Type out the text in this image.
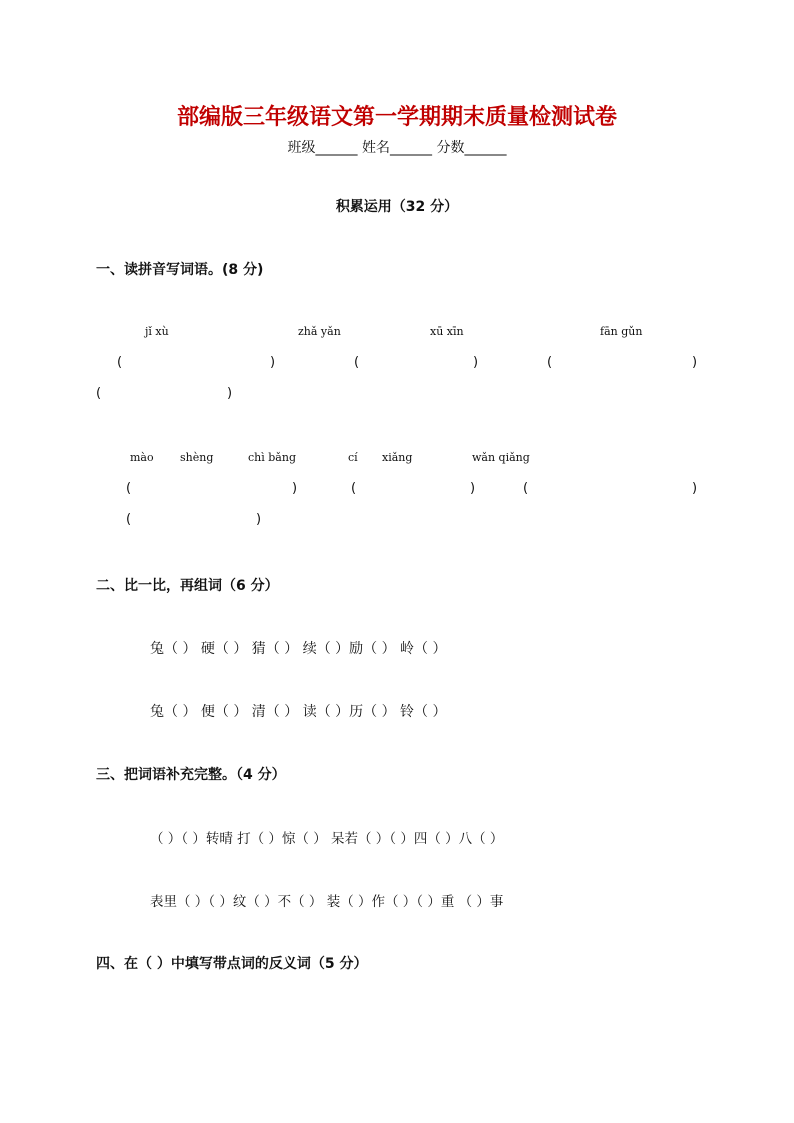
部编版三年级语文第一学期期末质量检测试卷
班级______ 姓名______ 分数______
积累运用（32 分）
一、读拼音写词语。(8 分)
jǐ xù	zhǎ yǎn	xū xīn	fān gǔn
(	)	(	)	(	)
(	)
mào shèng	chì bǎng	cí xiǎng	wǎn qiǎng
(	)	(	)	(	)
(	)
二、比一比，再组词（6 分）
兔（ ） 硬（ ） 猜（ ） 续（ ）励（ ） 岭（ ）
兔（ ） 便（ ） 清（ ） 读（ ）历（ ） 铃（ ）
三、把词语补充完整。（4 分）
（ ）（ ）转晴 打（ ）惊（ ） 呆若（ ）（ ）四（ ）八（ ）
表里（ ）（ ）纹（ ）不（ ） 装（ ）作（ ）（ ）重 （ ）事
四、在（ ）中填写带点词的反义词（5 分）
